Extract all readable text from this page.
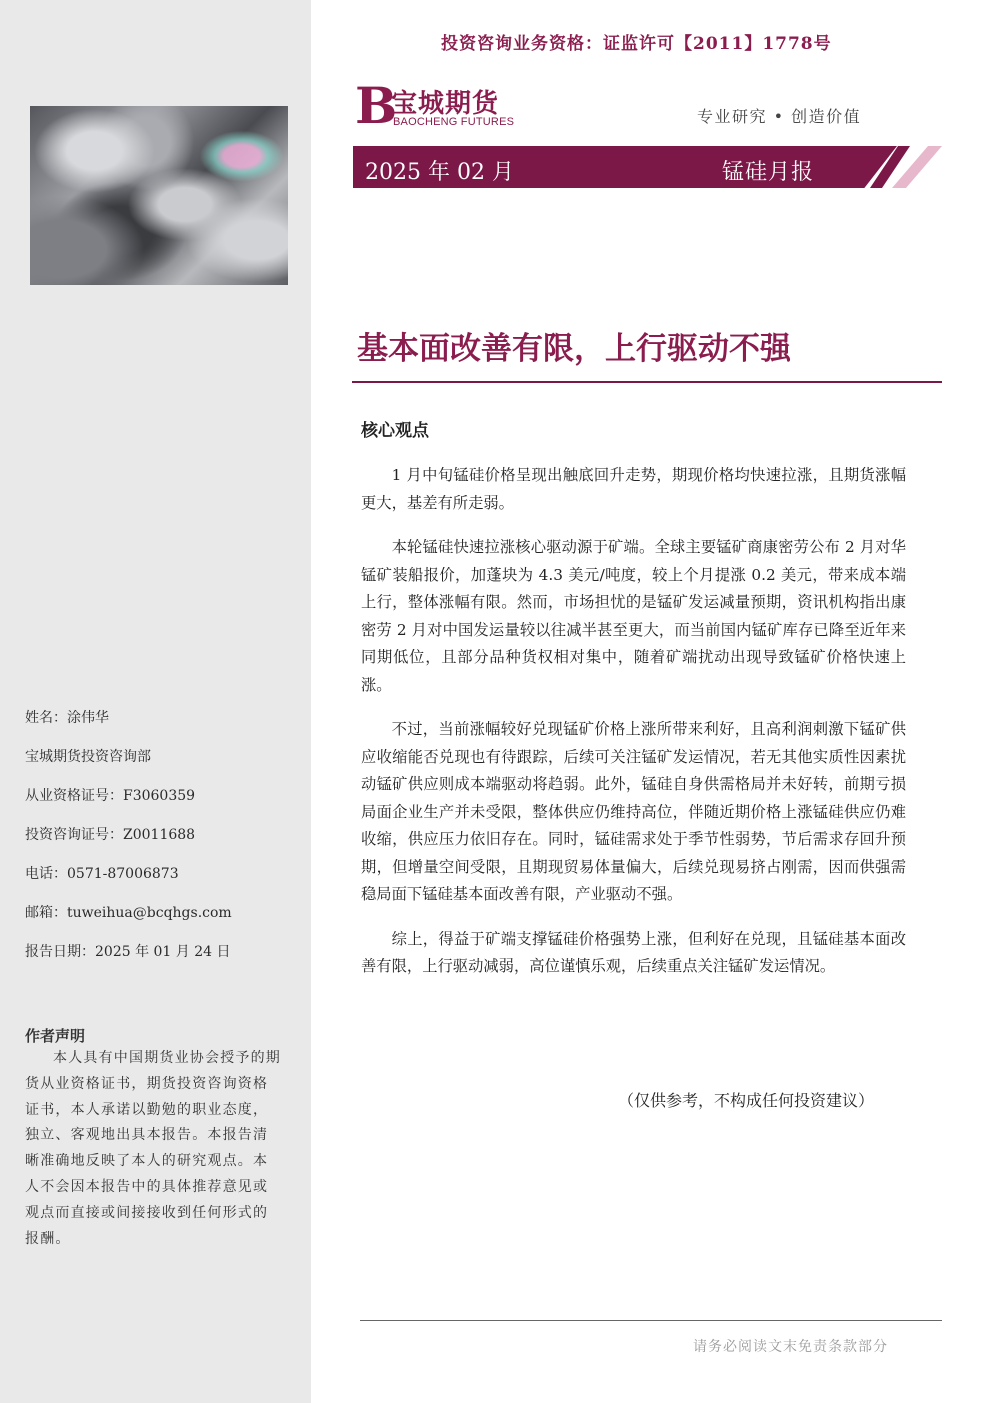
姓名：涂伟华
宝城期货投资咨询部
从业资格证号：F3060359
投资咨询证号：Z0011688
电话：0571-87006873
邮箱：tuweihua@bcqhgs.com
报告日期：2025 年 01 月 24 日
作者声明
本人具有中国期货业协会授予的期货从业资格证书，期货投资咨询资格证书，本人承诺以勤勉的职业态度，独立、客观地出具本报告。本报告清晰准确地反映了本人的研究观点。本人不会因本报告中的具体推荐意见或观点而直接或间接接收到任何形式的报酬。
投资咨询业务资格：证监许可【2011】1778号
B
宝城期货
BAOCHENG FUTURES	专业研究 • 创造价值
2025 年 02 月	锰硅月报
基本面改善有限，上行驱动不强
核心观点

1 月中旬锰硅价格呈现出触底回升走势，期现价格均快速拉涨，且期货涨幅更大，基差有所走弱。

本轮锰硅快速拉涨核心驱动源于矿端。全球主要锰矿商康密劳公布 2 月对华锰矿装船报价，加蓬块为 4.3 美元/吨度，较上个月提涨 0.2 美元，带来成本端上行，整体涨幅有限。然而，市场担忧的是锰矿发运减量预期，资讯机构指出康密劳 2 月对中国发运量较以往减半甚至更大，而当前国内锰矿库存已降至近年来同期低位，且部分品种货权相对集中，随着矿端扰动出现导致锰矿价格快速上涨。

不过，当前涨幅较好兑现锰矿价格上涨所带来利好，且高利润刺激下锰矿供应收缩能否兑现也有待跟踪，后续可关注锰矿发运情况，若无其他实质性因素扰动锰矿供应则成本端驱动将趋弱。此外，锰硅自身供需格局并未好转，前期亏损局面企业生产并未受限，整体供应仍维持高位，伴随近期价格上涨锰硅供应仍难收缩，供应压力依旧存在。同时，锰硅需求处于季节性弱势，节后需求存回升预期，但增量空间受限，且期现贸易体量偏大，后续兑现易挤占刚需，因而供强需稳局面下锰硅基本面改善有限，产业驱动不强。

综上，得益于矿端支撑锰硅价格强势上涨，但利好在兑现，且锰硅基本面改善有限，上行驱动减弱，高位谨慎乐观，后续重点关注锰矿发运情况。

（仅供参考，不构成任何投资建议）
请务必阅读文末免责条款部分
